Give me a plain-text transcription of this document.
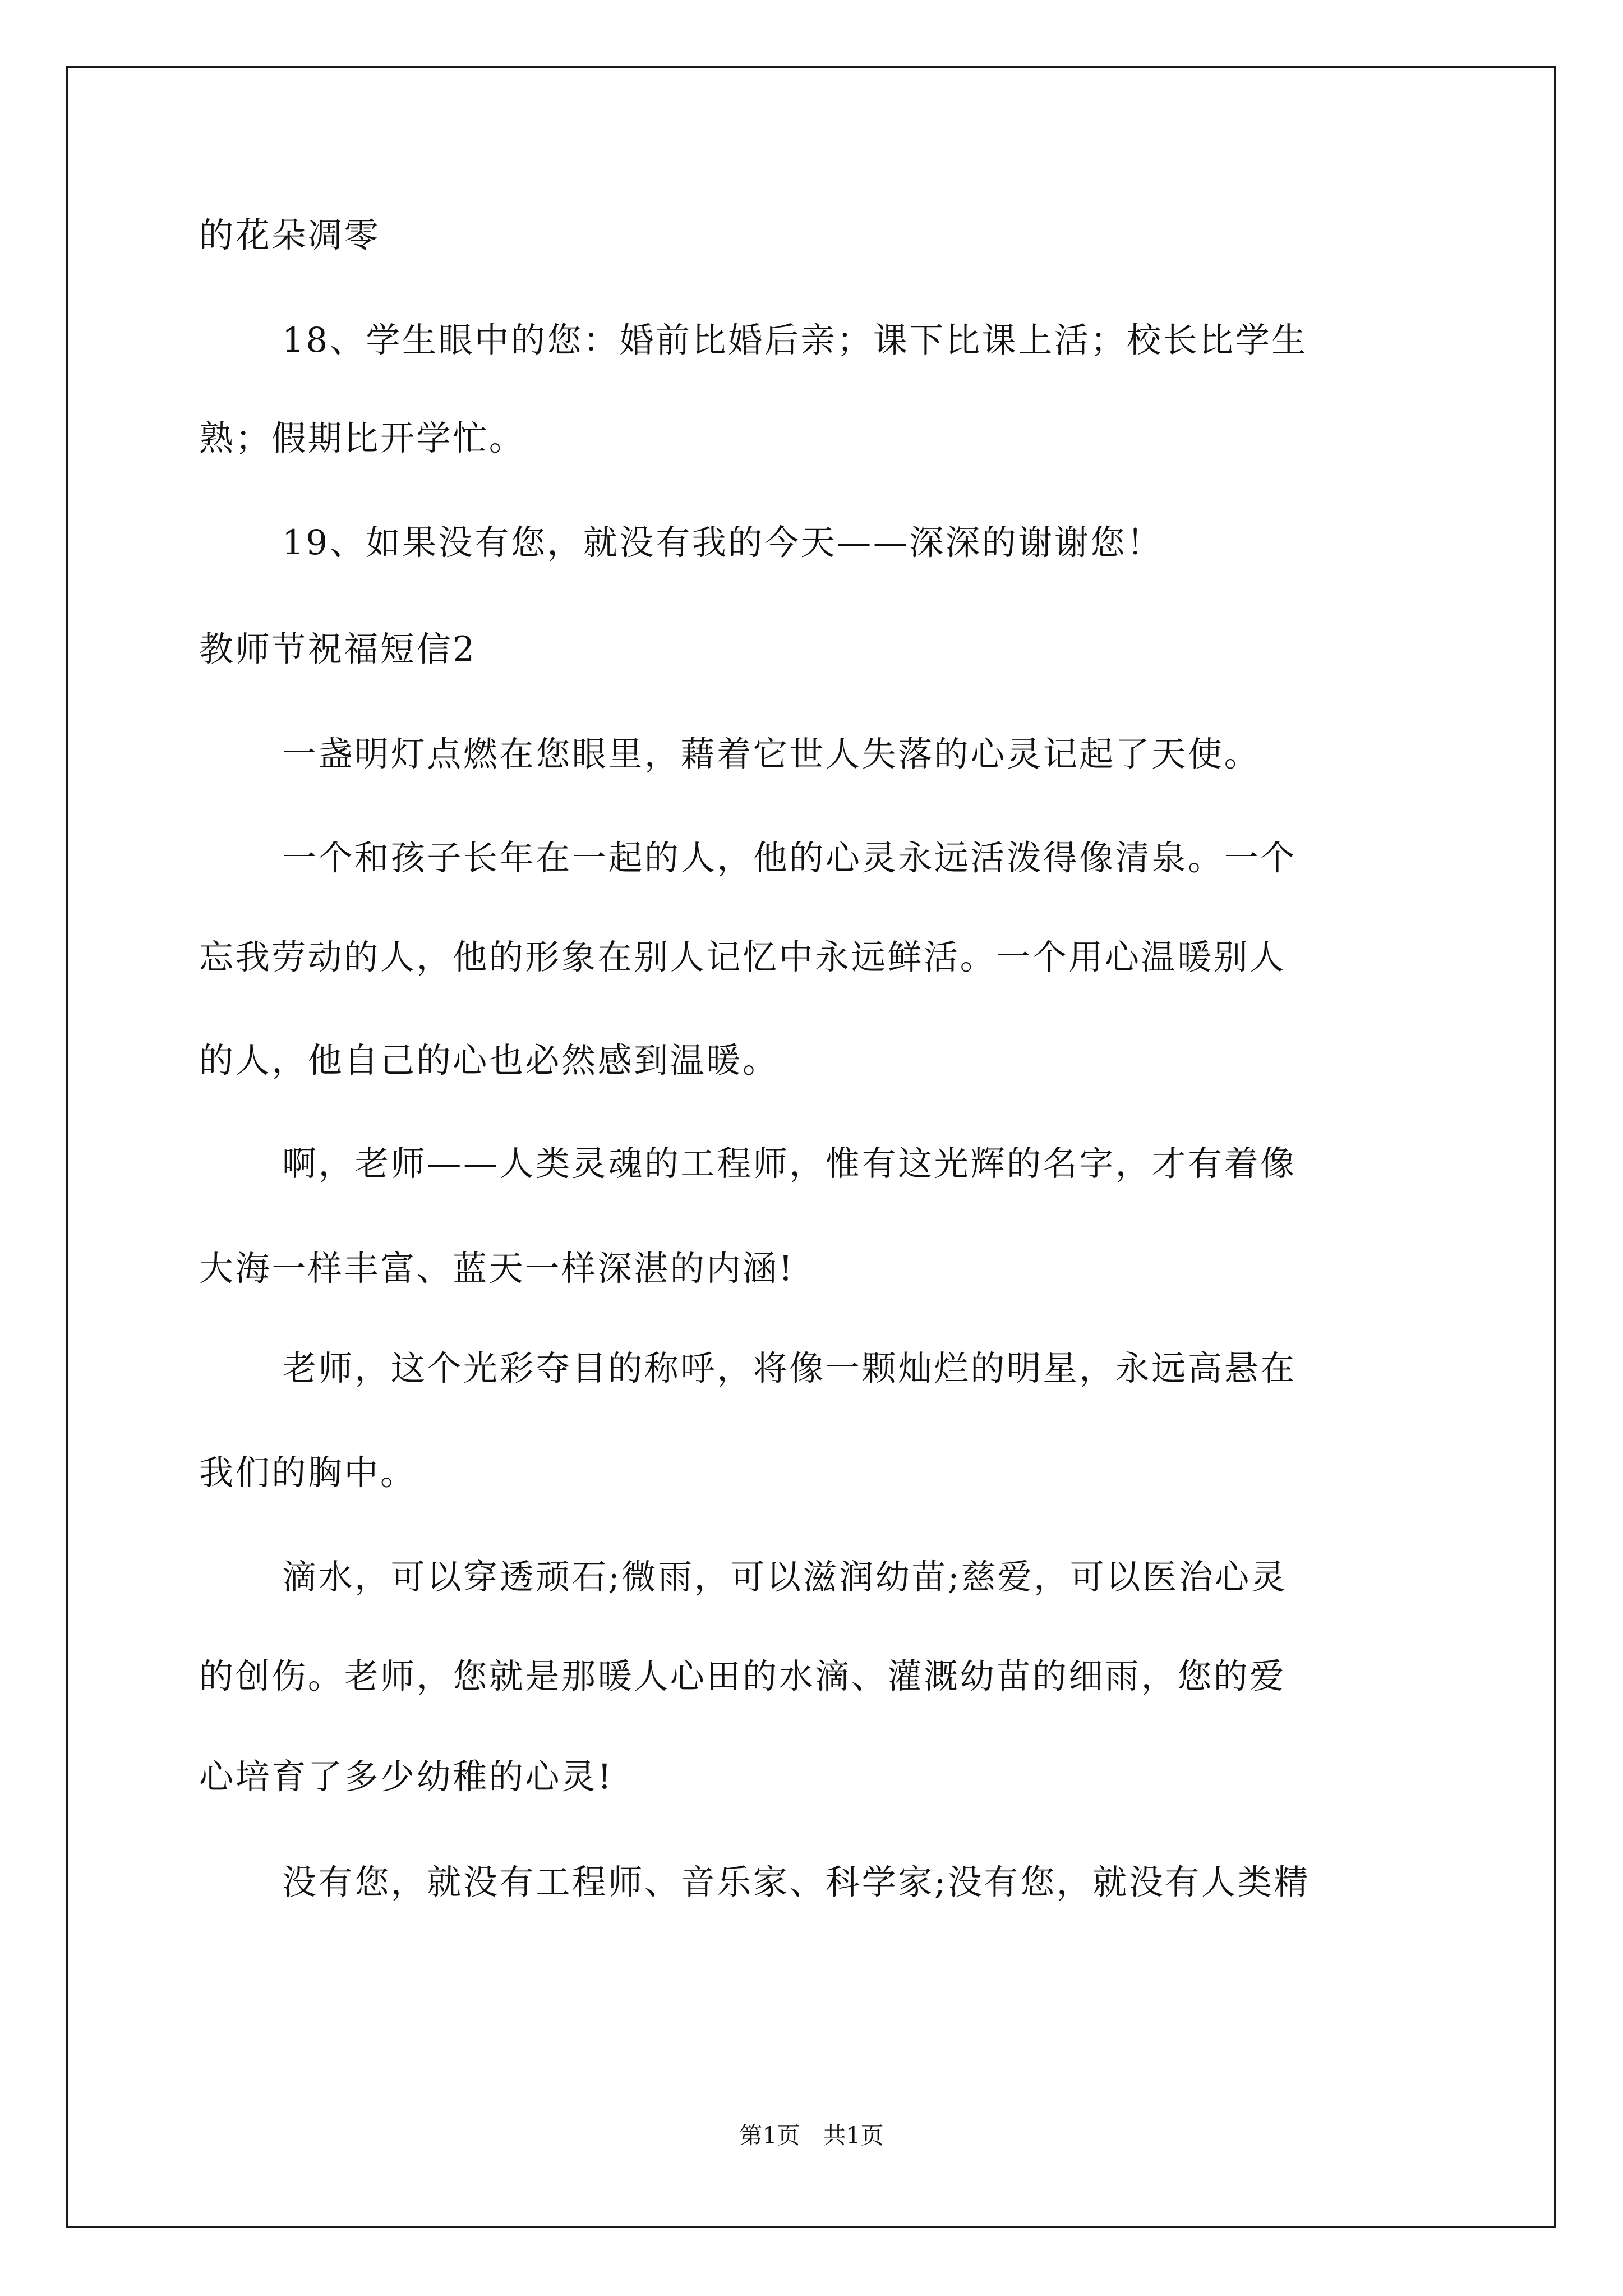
的花朵凋零
18、学生眼中的您：婚前比婚后亲；课下比课上活；校长比学生
熟；假期比开学忙。
19、如果没有您，就没有我的今天——深深的谢谢您！
教师节祝福短信2
一盏明灯点燃在您眼里，藉着它世人失落的心灵记起了天使。
一个和孩子长年在一起的人，他的心灵永远活泼得像清泉。一个
忘我劳动的人，他的形象在别人记忆中永远鲜活。一个用心温暖别人
的人，他自己的心也必然感到温暖。
啊，老师——人类灵魂的工程师，惟有这光辉的名字，才有着像
大海一样丰富、蓝天一样深湛的内涵!
老师，这个光彩夺目的称呼，将像一颗灿烂的明星，永远高悬在
我们的胸中。
滴水，可以穿透顽石;微雨，可以滋润幼苗;慈爱，可以医治心灵
的创伤。老师，您就是那暖人心田的水滴、灌溉幼苗的细雨，您的爱
心培育了多少幼稚的心灵!
没有您，就没有工程师、音乐家、科学家;没有您，就没有人类精
第1页 共1页
